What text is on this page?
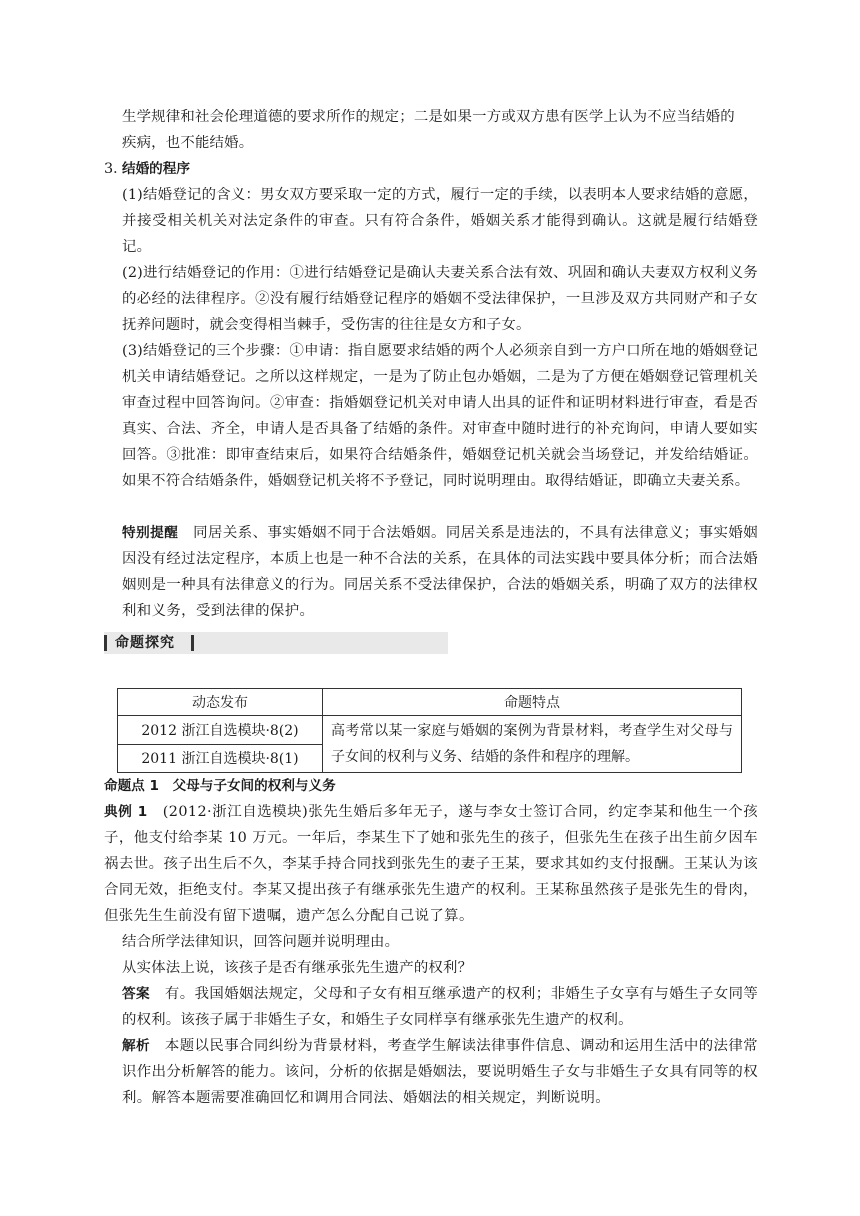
生学规律和社会伦理道德的要求所作的规定；二是如果一方或双方患有医学上认为不应当结婚的

疾病，也不能结婚。

3．结婚的程序

(1)结婚登记的含义：男女双方要采取一定的方式，履行一定的手续，以表明本人要求结婚的意愿，并接受相关机关对法定条件的审查。只有符合条件，婚姻关系才能得到确认。这就是履行结婚登记。

(2)进行结婚登记的作用：①进行结婚登记是确认夫妻关系合法有效、巩固和确认夫妻双方权利义务的必经的法律程序。②没有履行结婚登记程序的婚姻不受法律保护，一旦涉及双方共同财产和子女抚养问题时，就会变得相当棘手，受伤害的往往是女方和子女。

(3)结婚登记的三个步骤：①申请：指自愿要求结婚的两个人必须亲自到一方户口所在地的婚姻登记机关申请结婚登记。之所以这样规定，一是为了防止包办婚姻，二是为了方便在婚姻登记管理机关审查过程中回答询问。②审查：指婚姻登记机关对申请人出具的证件和证明材料进行审查，看是否真实、合法、齐全，申请人是否具备了结婚的条件。对审查中随时进行的补充询问，申请人要如实回答。③批准：即审查结束后，如果符合结婚条件，婚姻登记机关就会当场登记，并发给结婚证。如果不符合结婚条件，婚姻登记机关将不予登记，同时说明理由。取得结婚证，即确立夫妻关系。

特别提醒　 同居关系、事实婚姻不同于合法婚姻。同居关系是违法的，不具有法律意义；事实婚姻因没有经过法定程序，本质上也是一种不合法的关系，在具体的司法实践中要具体分析；而合法婚姻则是一种具有法律意义的行为。同居关系不受法律保护，合法的婚姻关系，明确了双方的法律权利和义务，受到法律的保护。

命题探究
动态发布	命题特点
2012 浙江自选模块·8(2)	高考常以某一家庭与婚姻的案例为背景材料，考查学生对父母与子女间的权利与义务、结婚的条件和程序的理解。
2011 浙江自选模块·8(1)	
命题点 1　父母与子女间的权利与义务

典例 1　 (2012·浙江自选模块)张先生婚后多年无子，遂与李女士签订合同，约定李某和他生一个孩子，他支付给李某 10 万元。一年后，李某生下了她和张先生的孩子，但张先生在孩子出生前夕因车祸去世。孩子出生后不久，李某手持合同找到张先生的妻子王某，要求其如约支付报酬。王某认为该合同无效，拒绝支付。李某又提出孩子有继承张先生遗产的权利。王某称虽然孩子是张先生的骨肉，但张先生生前没有留下遗嘱，遗产怎么分配自己说了算。

结合所学法律知识，回答问题并说明理由。

从实体法上说，该孩子是否有继承张先生遗产的权利？

答案　 有。我国婚姻法规定，父母和子女有相互继承遗产的权利；非婚生子女享有与婚生子女同等的权利。该孩子属于非婚生子女，和婚生子女同样享有继承张先生遗产的权利。

解析　 本题以民事合同纠纷为背景材料，考查学生解读法律事件信息、调动和运用生活中的法律常识作出分析解答的能力。该问，分析的依据是婚姻法，要说明婚生子女与非婚生子女具有同等的权利。解答本题需要准确回忆和调用合同法、婚姻法的相关规定，判断说明。
